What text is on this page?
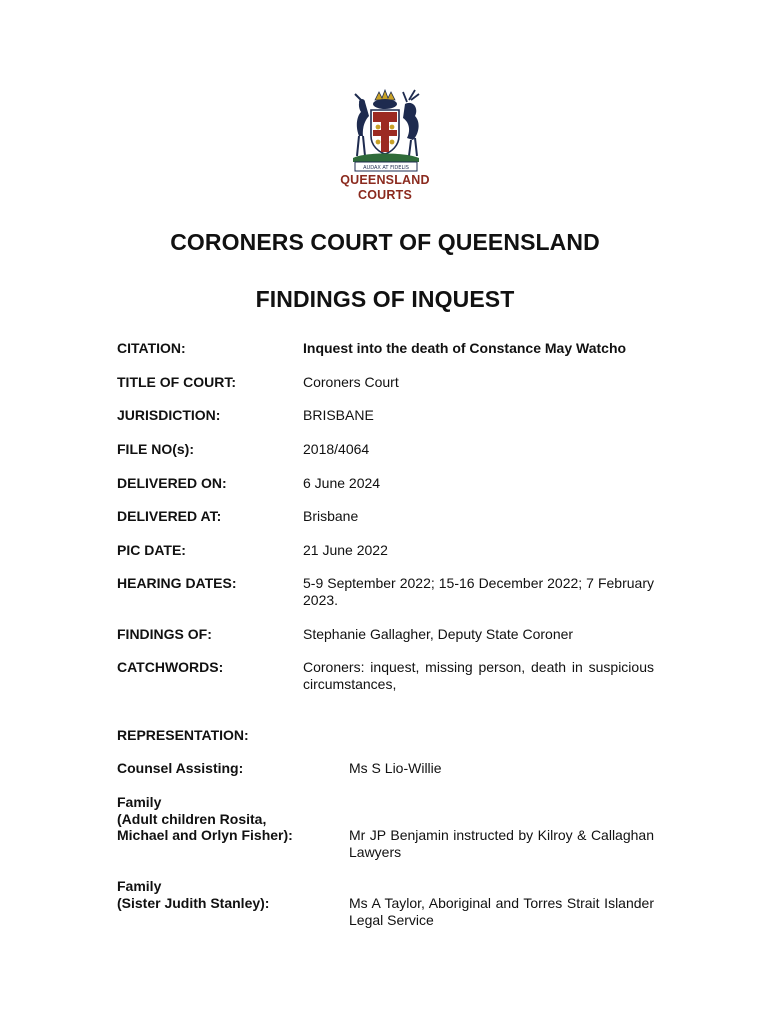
AUDAX AT FIDELIS
QUEENSLAND
COURTS
CORONERS COURT OF QUEENSLAND
FINDINGS OF INQUEST
CITATION:	Inquest into the death of Constance May Watcho
TITLE OF COURT:	Coroners Court
JURISDICTION:	BRISBANE
FILE NO(s):	2018/4064
DELIVERED ON:	6 June 2024
DELIVERED AT:	Brisbane
PIC DATE:	21 June 2022
HEARING DATES:	5-9 September 2022; 15-16 December 2022; 7 February 2023.
FINDINGS OF:	Stephanie Gallagher, Deputy State Coroner
CATCHWORDS:	Coroners: inquest, missing person, death in suspicious circumstances,
REPRESENTATION:
Counsel Assisting:	Ms S Lio-Willie
Family
(Adult children Rosita,
Michael and Orlyn Fisher):	Mr JP Benjamin instructed by Kilroy & Callaghan Lawyers
Family
(Sister Judith Stanley):	Ms A Taylor, Aboriginal and Torres Strait Islander Legal Service
